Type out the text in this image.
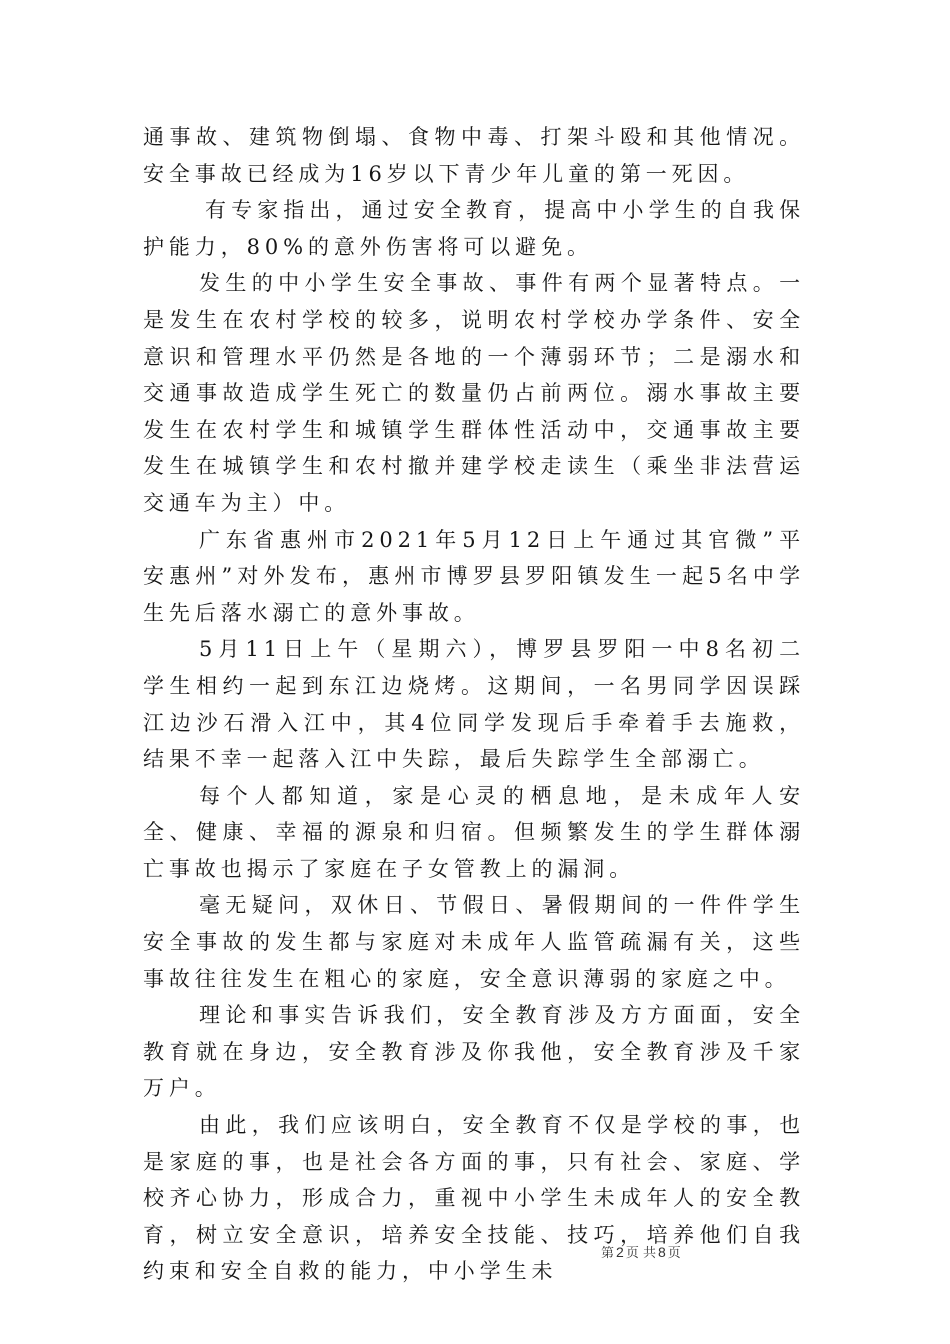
通事故、建筑物倒塌、食物中毒、打架斗殴和其他情况。安全事故已经成为16岁以下青少年儿童的第一死因。

有专家指出，通过安全教育，提高中小学生的自我保护能力，80%的意外伤害将可以避免。

发生的中小学生安全事故、事件有两个显著特点。一是发生在农村学校的较多，说明农村学校办学条件、安全意识和管理水平仍然是各地的一个薄弱环节；二是溺水和交通事故造成学生死亡的数量仍占前两位。溺水事故主要发生在农村学生和城镇学生群体性活动中，交通事故主要发生在城镇学生和农村撤并建学校走读生（乘坐非法营运交通车为主）中。

广东省惠州市2021年5月12日上午通过其官微”平安惠州”对外发布，惠州市博罗县罗阳镇发生一起5名中学生先后落水溺亡的意外事故。

5月11日上午（星期六），博罗县罗阳一中8名初二学生相约一起到东江边烧烤。这期间，一名男同学因误踩江边沙石滑入江中，其4位同学发现后手牵着手去施救，结果不幸一起落入江中失踪，最后失踪学生全部溺亡。

每个人都知道，家是心灵的栖息地，是未成年人安全、健康、幸福的源泉和归宿。但频繁发生的学生群体溺亡事故也揭示了家庭在子女管教上的漏洞。

毫无疑问，双休日、节假日、暑假期间的一件件学生安全事故的发生都与家庭对未成年人监管疏漏有关，这些事故往往发生在粗心的家庭，安全意识薄弱的家庭之中。

理论和事实告诉我们，安全教育涉及方方面面，安全教育就在身边，安全教育涉及你我他，安全教育涉及千家万户。

由此，我们应该明白，安全教育不仅是学校的事，也是家庭的事，也是社会各方面的事，只有社会、家庭、学校齐心协力，形成合力，重视中小学生未成年人的安全教育，树立安全意识，培养安全技能、技巧，培养他们自我约束和安全自救的能力，中小学生未

第 2 页 共 8 页
